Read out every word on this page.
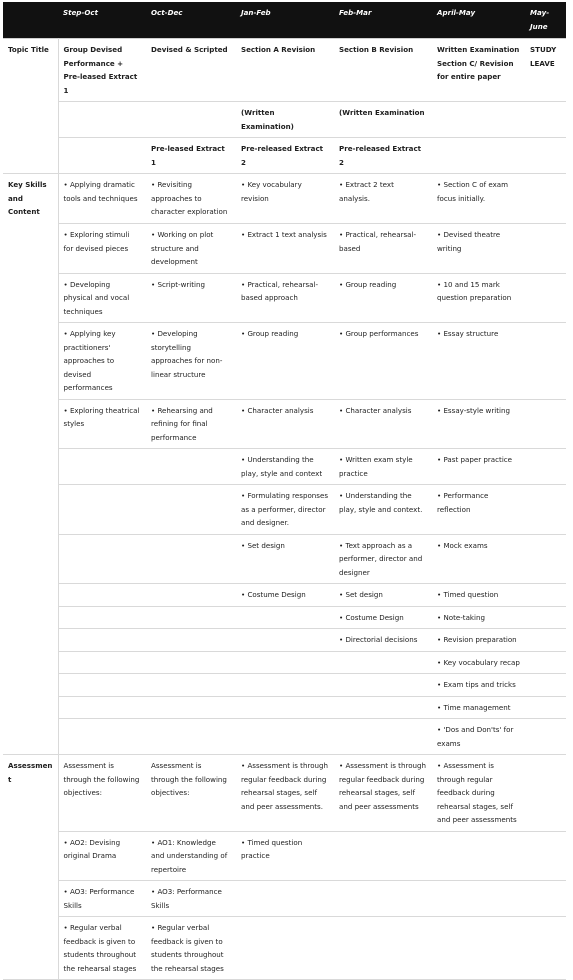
	Step-Oct	Oct-Dec	Jan-Feb	Feb-Mar	April-May	May-June
Topic Title	Group Devised Performance + Pre-leased Extract 1	Devised & Scripted	Section A Revision	Section B Revision	Written Examination Section C/ Revision for entire paper	STUDY LEAVE
			(Written Examination)	(Written Examination		
		Pre-leased Extract 1	Pre-released Extract 2	Pre-released Extract 2		
Key Skills and Content	• Applying dramatic tools and techniques	• Revisiting approaches to character exploration	• Key vocabulary revision	• Extract 2 text analysis.	• Section C of exam focus initially.	
	• Exploring stimuli for devised pieces	• Working on plot structure and development	• Extract 1 text analysis	• Practical, rehearsal-based	• Devised theatre writing	
	• Developing physical and vocal techniques	• Script-writing	• Practical, rehearsal-based approach	• Group reading	• 10 and 15 mark question preparation	
	• Applying key practitioners' approaches to devised performances	• Developing storytelling approaches for non-linear structure	• Group reading	• Group performances	• Essay structure	
	• Exploring theatrical styles	• Rehearsing and refining for final performance	• Character analysis	• Character analysis	• Essay-style writing	
			• Understanding the play, style and context	• Written exam style practice	• Past paper practice	
			• Formulating responses as a performer, director and designer.	• Understanding the play, style and context.	• Performance reflection	
			• Set design	• Text approach as a performer, director and designer	• Mock exams	
			• Costume Design	• Set design	• Timed question	
				• Costume Design	• Note-taking	
				• Directorial decisions	• Revision preparation	
					• Key vocabulary recap	
					• Exam tips and tricks	
					• Time management	
					• 'Dos and Don'ts' for exams	
Assessment	Assessment is through the following objectives:	Assessment is through the following objectives:	• Assessment is through regular feedback during rehearsal stages, self and peer assessments.	• Assessment is through regular feedback during rehearsal stages, self and peer assessments	• Assessment is through regular feedback during rehearsal stages, self and peer assessments	
	• AO2: Devising original Drama	• AO1: Knowledge and understanding of repertoire	• Timed question practice			
	• AO3: Performance Skills	• AO3: Performance Skills				
	• Regular verbal feedback is given to students throughout the rehearsal stages	• Regular verbal feedback is given to students throughout the rehearsal stages				
